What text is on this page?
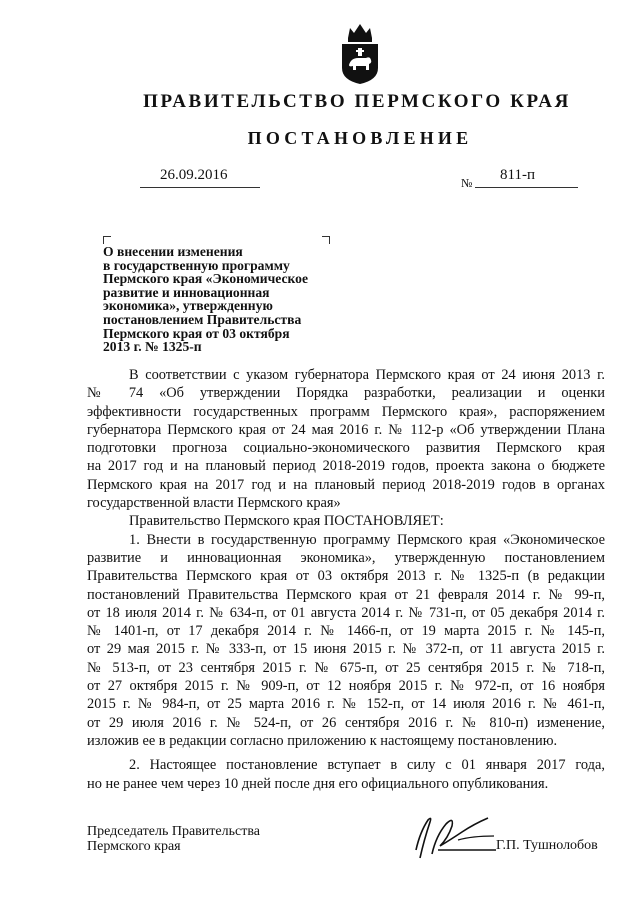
ПРАВИТЕЛЬСТВО ПЕРМСКОГО КРАЯ
ПОСТАНОВЛЕНИЕ
26.09.2016	№ 811-п
О внесении изменения
в государственную программу
Пермского края «Экономическое
развитие и инновационная
экономика», утвержденную
постановлением Правительства
Пермского края от 03 октября
2013 г. № 1325-п
В соответствии с указом губернатора Пермского края от 24 июня 2013 г.
№ 74 «Об утверждении Порядка разработки, реализации и оценки
эффективности государственных программ Пермского края», распоряжением
губернатора Пермского края от 24 мая 2016 г. № 112-р «Об утверждении Плана
подготовки прогноза социально-экономического развития Пермского края
на 2017 год и на плановый период 2018-2019 годов, проекта закона о бюджете
Пермского края на 2017 год и на плановый период 2018-2019 годов в органах
государственной власти Пермского края»
Правительство Пермского края ПОСТАНОВЛЯЕТ:
1. Внести в государственную программу Пермского края «Экономическое
развитие и инновационная экономика», утвержденную постановлением
Правительства Пермского края от 03 октября 2013 г. № 1325-п (в редакции
постановлений Правительства Пермского края от 21 февраля 2014 г. № 99-п,
от 18 июля 2014 г. № 634-п, от 01 августа 2014 г. № 731-п, от 05 декабря 2014 г.
№ 1401-п, от 17 декабря 2014 г. № 1466-п, от 19 марта 2015 г. № 145-п,
от 29 мая 2015 г. № 333-п, от 15 июня 2015 г. № 372-п, от 11 августа 2015 г.
№ 513-п, от 23 сентября 2015 г. № 675-п, от 25 сентября 2015 г. № 718-п,
от 27 октября 2015 г. № 909-п, от 12 ноября 2015 г. № 972-п, от 16 ноября
2015 г. № 984-п, от 25 марта 2016 г. № 152-п, от 14 июля 2016 г. № 461-п,
от 29 июля 2016 г. № 524-п, от 26 сентября 2016 г. № 810-п) изменение,
изложив ее в редакции согласно приложению к настоящему постановлению.
2. Настоящее постановление вступает в силу с 01 января 2017 года,
но не ранее чем через 10 дней после дня его официального опубликования.
Председатель Правительства
Пермского края	Г.П. Тушнолобов
